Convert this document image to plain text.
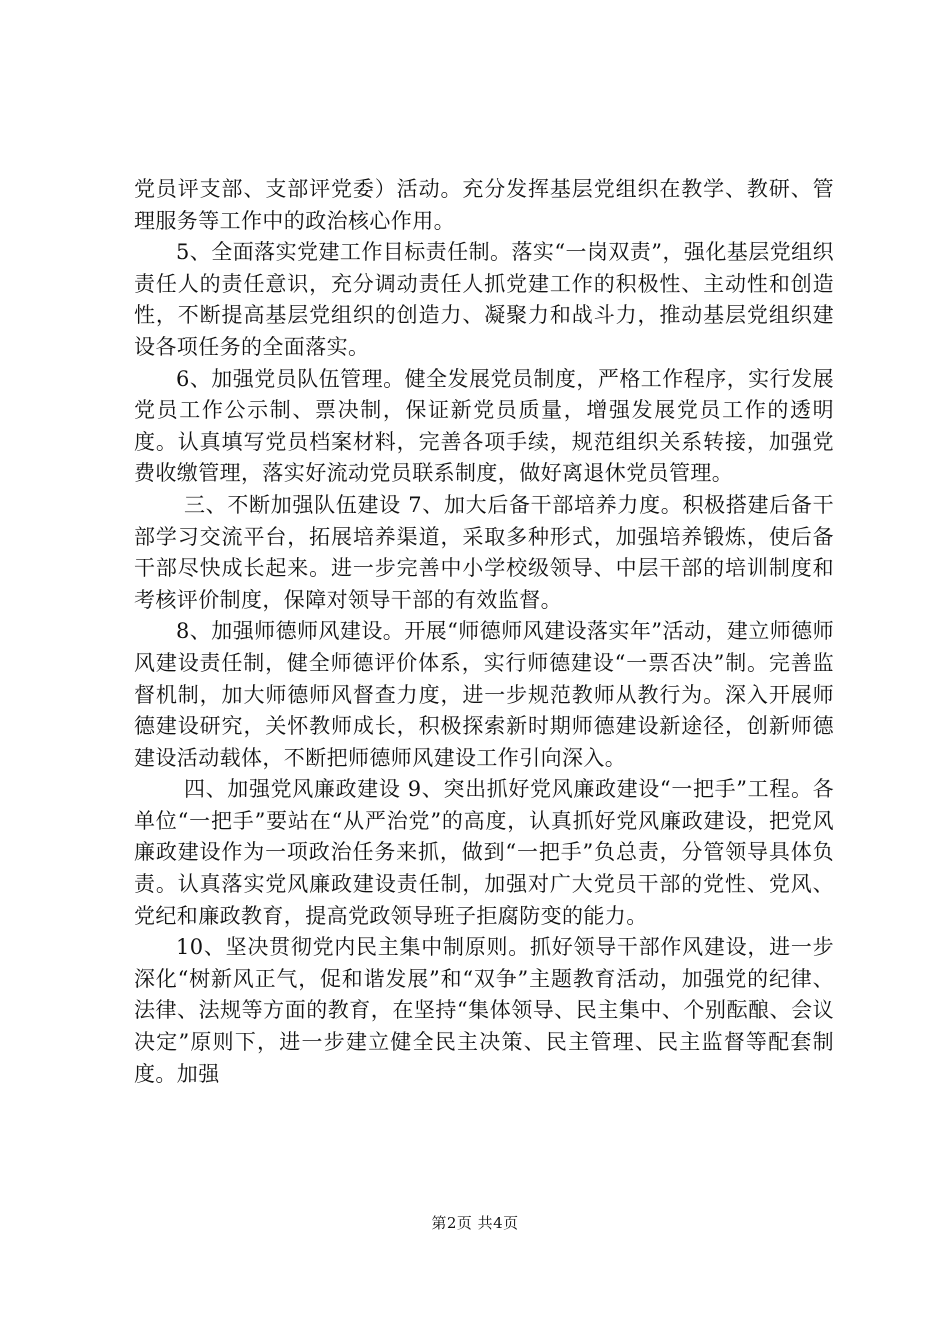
党员评支部、支部评党委）活动。充分发挥基层党组织在教学、教研、管理服务等工作中的政治核心作用。

5、全面落实党建工作目标责任制。落实“一岗双责”，强化基层党组织责任人的责任意识，充分调动责任人抓党建工作的积极性、主动性和创造性，不断提高基层党组织的创造力、凝聚力和战斗力，推动基层党组织建设各项任务的全面落实。

6、加强党员队伍管理。健全发展党员制度，严格工作程序，实行发展党员工作公示制、票决制，保证新党员质量，增强发展党员工作的透明度。认真填写党员档案材料，完善各项手续，规范组织关系转接，加强党费收缴管理，落实好流动党员联系制度，做好离退休党员管理。

三、不断加强队伍建设 7、加大后备干部培养力度。积极搭建后备干部学习交流平台，拓展培养渠道，采取多种形式，加强培养锻炼，使后备干部尽快成长起来。进一步完善中小学校级领导、中层干部的培训制度和考核评价制度，保障对领导干部的有效监督。

8、加强师德师风建设。开展“师德师风建设落实年”活动，建立师德师风建设责任制，健全师德评价体系，实行师德建设“一票否决”制。完善监督机制，加大师德师风督查力度，进一步规范教师从教行为。深入开展师德建设研究，关怀教师成长，积极探索新时期师德建设新途径，创新师德建设活动载体，不断把师德师风建设工作引向深入。

四、加强党风廉政建设 9、突出抓好党风廉政建设“一把手”工程。各单位“一把手”要站在“从严治党”的高度，认真抓好党风廉政建设，把党风廉政建设作为一项政治任务来抓，做到“一把手”负总责，分管领导具体负责。认真落实党风廉政建设责任制，加强对广大党员干部的党性、党风、党纪和廉政教育，提高党政领导班子拒腐防变的能力。

10、坚决贯彻党内民主集中制原则。抓好领导干部作风建设，进一步深化“树新风正气，促和谐发展”和“双争”主题教育活动，加强党的纪律、法律、法规等方面的教育，在坚持“集体领导、民主集中、个别酝酿、会议决定”原则下，进一步建立健全民主决策、民主管理、民主监督等配套制度。加强

第2页 共4页
